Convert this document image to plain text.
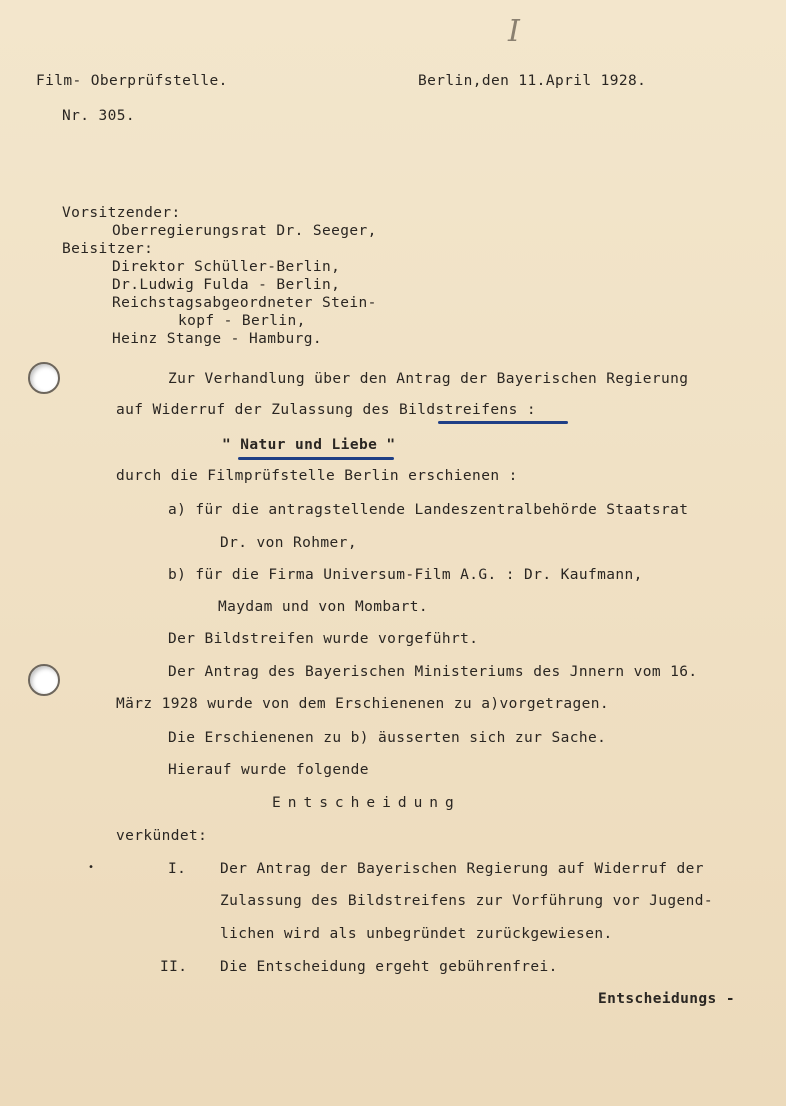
I
Film- Oberprüfstelle.	Berlin,den 11.April 1928.
Nr. 305.
Vorsitzender:
Oberregierungsrat Dr. Seeger,
Beisitzer:
Direktor Schüller-Berlin,
Dr.Ludwig Fulda - Berlin,
Reichstagsabgeordneter Stein-
kopf - Berlin,
Heinz Stange - Hamburg.
Zur Verhandlung über den Antrag der Bayerischen Regierung
auf Widerruf der Zulassung des Bildstreifens :
" Natur und Liebe "
durch die Filmprüfstelle Berlin erschienen :
a) für die antragstellende Landeszentralbehörde Staatsrat
Dr. von Rohmer,
b) für die Firma Universum-Film A.G. : Dr. Kaufmann,
Maydam und von Mombart.
Der Bildstreifen wurde vorgeführt.
Der Antrag des Bayerischen Ministeriums des Jnnern vom 16.
März 1928 wurde von dem Erschienenen zu a)vorgetragen.
Die Erschienenen zu b) äusserten sich zur Sache.
Hierauf wurde folgende
Entscheidung
verkündet:
•	I. Der Antrag der Bayerischen Regierung auf Widerruf der
Zulassung des Bildstreifens zur Vorführung vor Jugend-
lichen wird als unbegründet zurückgewiesen.
II. Die Entscheidung ergeht gebührenfrei.
Entscheidungs -
